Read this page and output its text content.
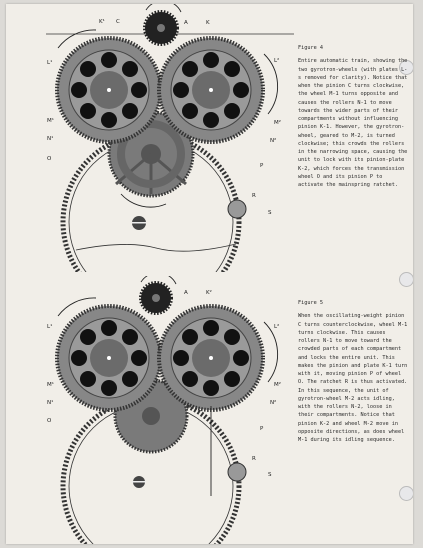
K¹ C	A	K
L¹	L²
M¹	M²
N¹	N²
O
P
R
S
Figure 4
Entire automatic train, showing the two gyrotron-wheels (with plates L-s removed for clarity). Notice that when the pinion C turns clockwise, the wheel M-1 turns opposite and causes the rollers N-1 to move towards the wider parts of their compartments without influencing pinion K-1. However, the gyrotron-wheel, geared to M-2, is turned clockwise; this crowds the rollers in the narrowing space, causing the unit to lock with its pinion-plate K-2, which forces the transmission wheel O and its pinion P to activate the mainspring ratchet.
A	K²
L¹	L²
M¹	M²
N¹	N²
O
P
R
S
Figure 5
When the oscillating-weight pinion C turns counterclockwise, wheel M-1 turns clockwise. This causes rollers N-1 to move toward the crowded parts of each compartment and locks the entire unit. This makes the pinion and plate K-1 turn with it, moving pinion P of wheel O. The ratchet R is thus activated. In this sequence, the unit of gyrotron-wheel M-2 acts idling, with the rollers N-2, loose in their compartments. Notice that pinion K-2 and wheel M-2 move in opposite directions, as does wheel M-1 during its idling sequence.
